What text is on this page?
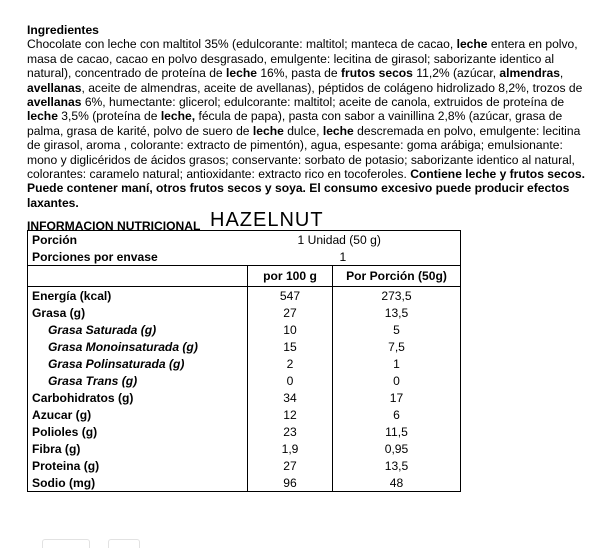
Ingredientes
Chocolate con leche con maltitol 35% (edulcorante: maltitol; manteca de cacao, leche entera en polvo, masa de cacao, cacao en polvo desgrasado, emulgente: lecitina de girasol; saborizante identico al natural), concentrado de proteína de leche 16%, pasta de frutos secos 11,2% (azúcar, almendras, avellanas, aceite de almendras, aceite de avellanas), péptidos de colágeno hidrolizado 8,2%, trozos de avellanas 6%, humectante: glicerol; edulcorante: maltitol; aceite de canola, extruidos de proteína de leche 3,5% (proteína de leche, fécula de papa), pasta con sabor a vainillina 2,8% (azúcar, grasa de palma, grasa de karité, polvo de suero de leche dulce, leche descremada en polvo, emulgente: lecitina de girasol, aroma , colorante: extracto de pimentón), agua, espesante: goma arábiga; emulsionante: mono y diglicéridos de ácidos grasos; conservante: sorbato de potasio; saborizante identico al natural, colorantes: caramelo natural; antioxidante: extracto rico en tocoferoles. Contiene leche y frutos secos. Puede contener maní, otros frutos secos y soya. El consumo excesivo puede producir efectos laxantes.
INFORMACION NUTRICIONAL HAZELNUT
Porción	1 Unidad (50 g)	
Porciones por envase	1	
	por 100 g	Por Porción (50g)
Energía (kcal)	547	273,5
Grasa (g)	27	13,5
Grasa Saturada (g)	10	5
Grasa Monoinsaturada (g)	15	7,5
Grasa Polinsaturada (g)	2	1
Grasa Trans (g)	0	0
Carbohidratos (g)	34	17
Azucar (g)	12	6
Polioles (g)	23	11,5
Fibra (g)	1,9	0,95
Proteina (g)	27	13,5
Sodio (mg)	96	48
